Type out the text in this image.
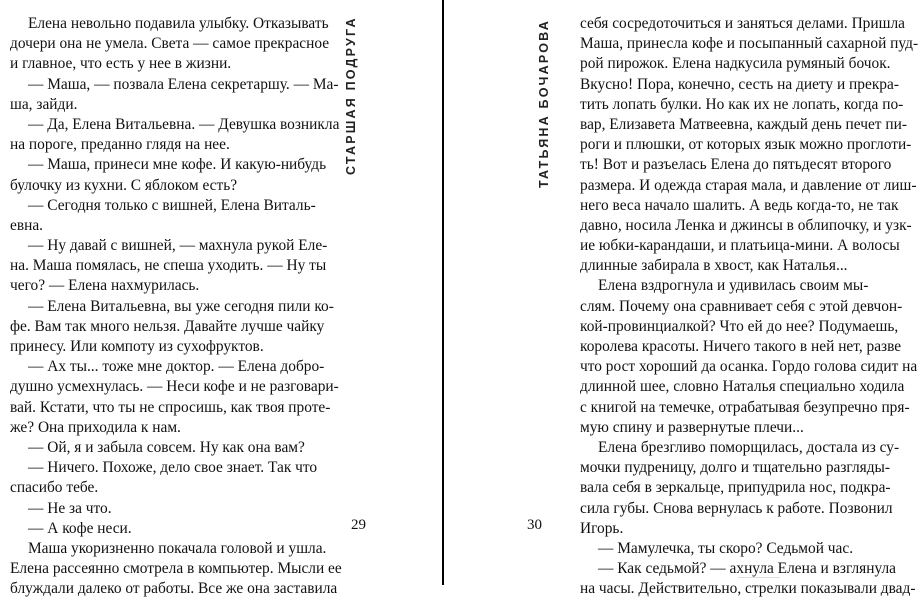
Елена невольно подавила улыбку. Отказывать
дочери она не умела. Света — самое прекрасное
и главное, что есть у нее в жизни.
— Маша, — позвала Елена секретаршу. — Ма-
ша, зайди.
— Да, Елена Витальевна. — Девушка возникла
на пороге, преданно глядя на нее.
— Маша, принеси мне кофе. И какую-нибудь
булочку из кухни. С яблоком есть?
— Сегодня только с вишней, Елена Виталь-
евна.
— Ну давай с вишней, — махнула рукой Еле-
на. Маша помялась, не спеша уходить. — Ну ты
чего? — Елена нахмурилась.
— Елена Витальевна, вы уже сегодня пили ко-
фе. Вам так много нельзя. Давайте лучше чайку
принесу. Или компоту из сухофруктов.
— Ах ты... тоже мне доктор. — Елена добро-
душно усмехнулась. — Неси кофе и не разговари-
вай. Кстати, что ты не спросишь, как твоя проте-
же? Она приходила к нам.
— Ой, я и забыла совсем. Ну как она вам?
— Ничего. Похоже, дело свое знает. Так что
спасибо тебе.
— Не за что.
— А кофе неси.
Маша укоризненно покачала головой и ушла.
Елена рассеянно смотрела в компьютер. Мысли ее
блуждали далеко от работы. Все же она заставила
СТАРШАЯ ПОДРУГА
29
ТАТЬЯНА БОЧАРОВА	себя сосредоточиться и заняться делами. Пришла
Маша, принесла кофе и посыпанный сахарной пуд-
рой пирожок. Елена надкусила румяный бочок.
Вкусно! Пора, конечно, сесть на диету и прекра-
тить лопать булки. Но как их не лопать, когда по-
вар, Елизавета Матвеевна, каждый день печет пи-
роги и плюшки, от которых язык можно проглоти-
ть! Вот и разъелась Елена до пятьдесят второго
размера. И одежда старая мала, и давление от лиш-
него веса начало шалить. А ведь когда-то, не так
давно, носила Ленка и джинсы в облипочку, и узк-
ие юбки-карандаши, и платьица-мини. А волосы
длинные забирала в хвост, как Наталья...
Елена вздрогнула и удивилась своим мы-
слям. Почему она сравнивает себя с этой девчон-
кой-провинциалкой? Что ей до нее? Подумаешь,
королева красоты. Ничего такого в ней нет, разве
что рост хороший да осанка. Гордо голова сидит на
длинной шее, словно Наталья специально ходила
с книгой на темечке, отрабатывая безупречно пря-
мую спину и развернутые плечи...
Елена брезгливо поморщилась, достала из су-
мочки пудреницу, долго и тщательно разгляды-
вала себя в зеркальце, припудрила нос, подкра-
сила губы. Снова вернулась к работе. Позвонил
Игорь.
— Мамулечка, ты скоро? Седьмой час.
— Как седьмой? — ахнула Елена и взглянула
на часы. Действительно, стрелки показывали двад-
30
